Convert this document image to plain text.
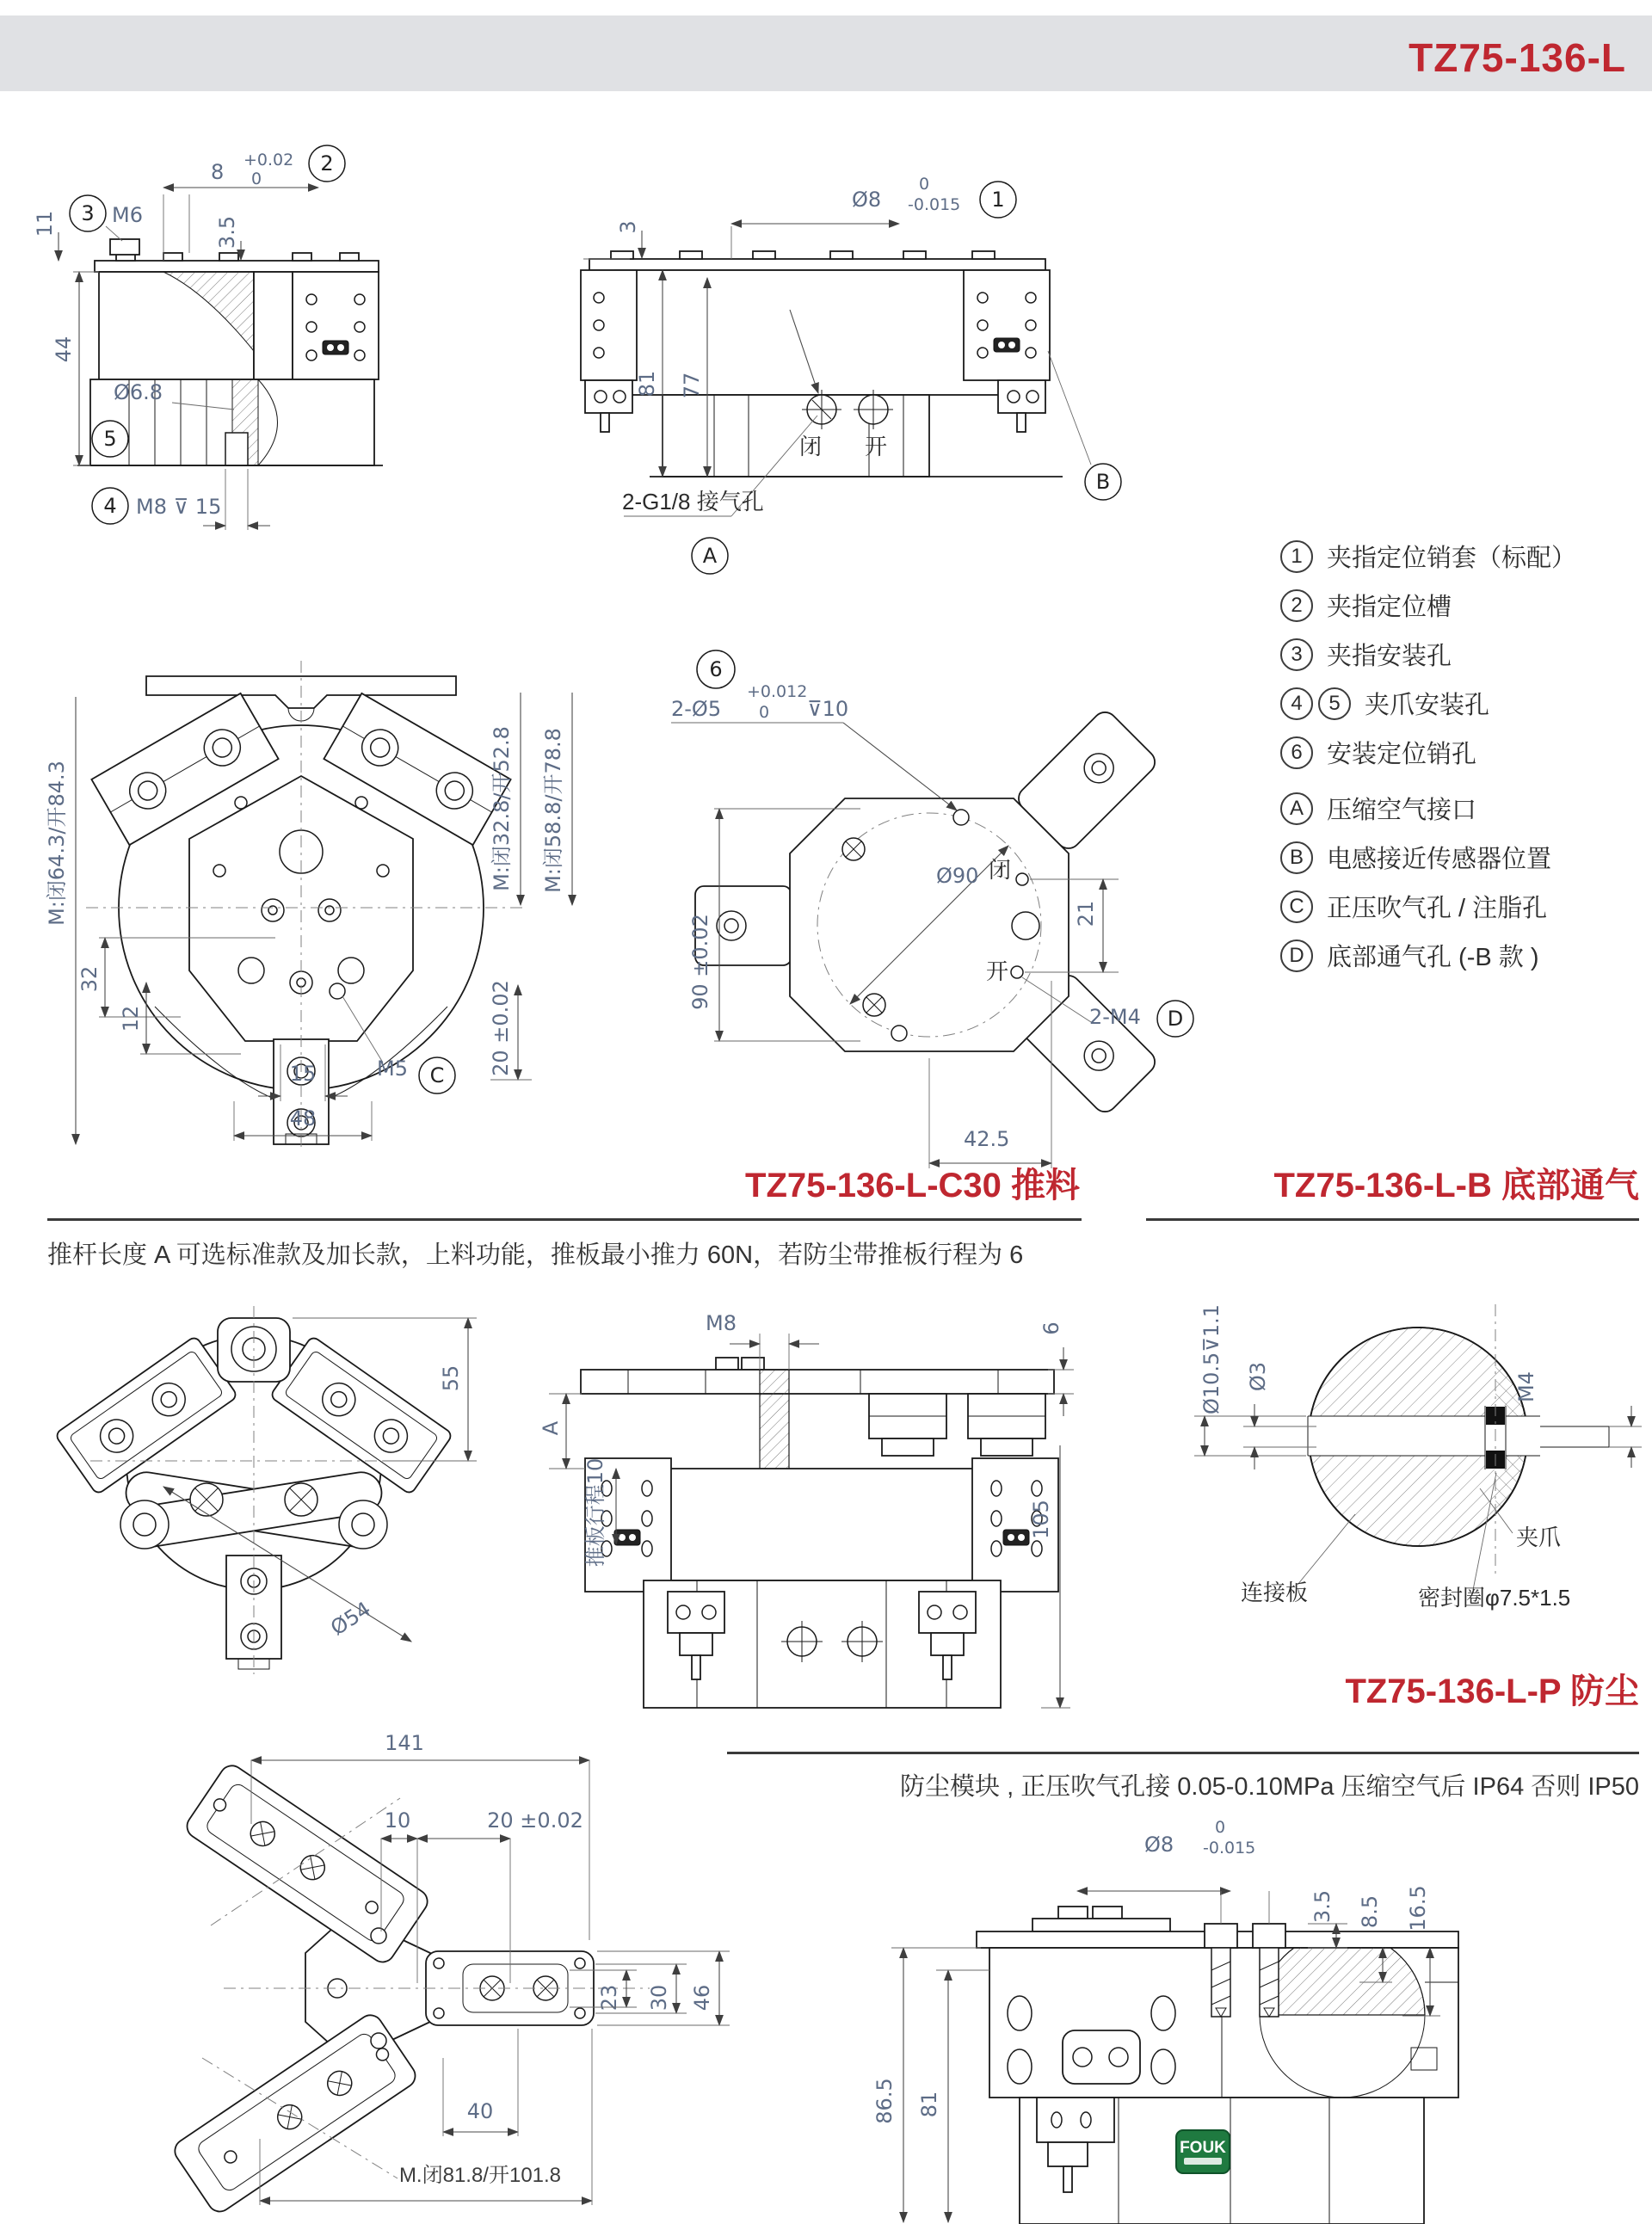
TZ75-136-L
8 +0.02
0
2
3 M6
11	3.5
44
Ø6.8
5
4 M8 ⊽ 15
3
Ø8
0
-0.015 1
81 77
闭 开
2-G1/8 接气孔
A
B
M:闭64.3/开84.3	M:闭32.8/开52.8 M:闭58.8/开78.8
32
12
15
48
M5 C 20 ±0.02
6
2-Ø5
+0.012
0 ⊽10
90 ±0.02
Ø90 闭
开
21
2-M4 D
42.5
1 夹指定位销套（标配）
2 夹指定位槽
3 夹指安装孔
4	5 夹爪安装孔
6 安装定位销孔
A 压缩空气接口
B 电感接近传感器位置
C 正压吹气孔 / 注脂孔
D 底部通气孔 (-B 款 )
TZ75-136-L-C30 推料	TZ75-136-L-B 底部通气
推杆长度 A 可选标准款及加长款，上料功能，推板最小推力 60N，若防尘带推板行程为 6
55
Ø54
M8	6
A
推板行程10	105
Ø10.5⊽1.1 Ø3	M4
夹爪
连接板	密封圈φ7.5*1.5
TZ75-136-L-P 防尘
防尘模块 , 正压吹气孔接 0.05-0.10MPa 压缩空气后 IP64 否则 IP50
141
10	20 ±0.02
23 30 46
40
M.闭81.8/开101.8
FOUK
Ø8
0
-0.015
3.5 8.5 16.5
86.5 81
